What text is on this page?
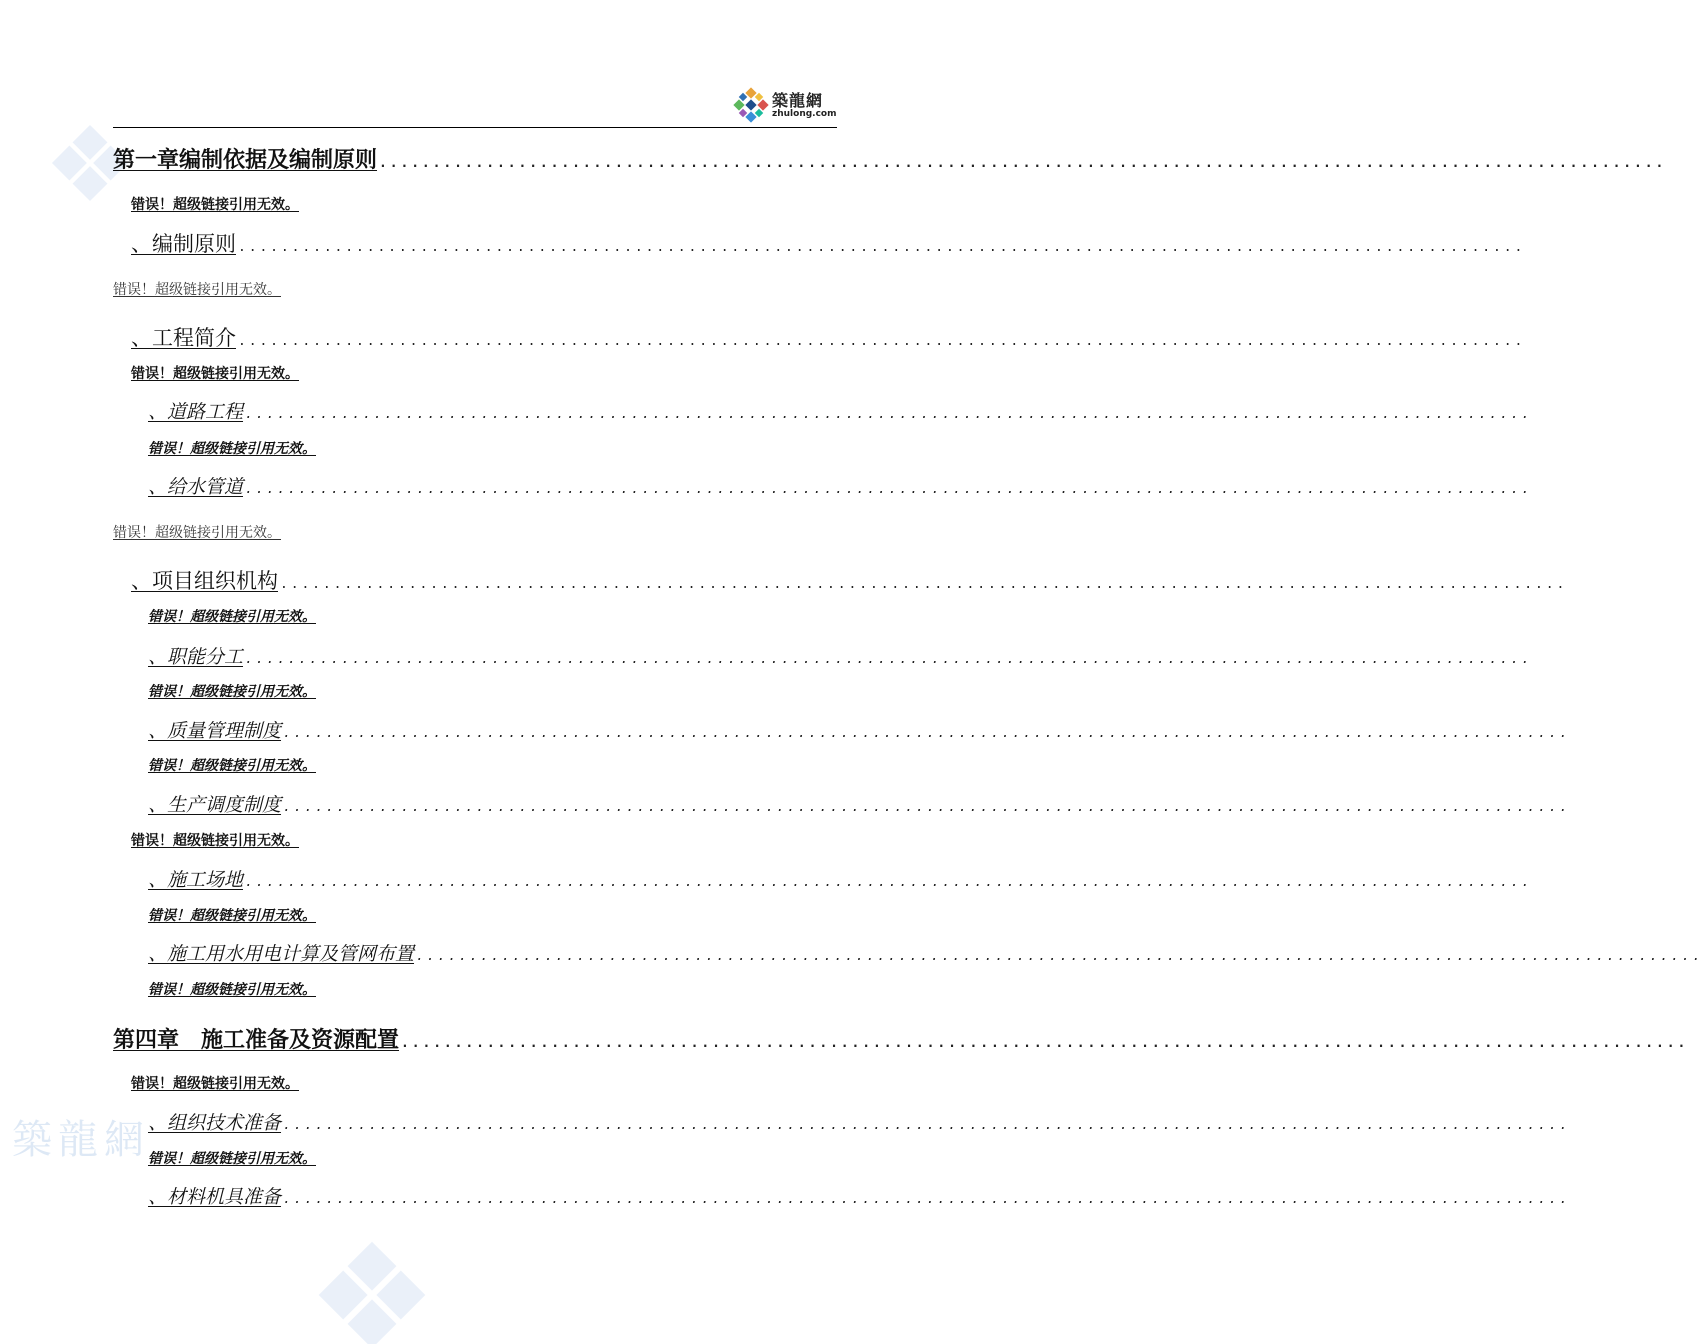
築龍網
zhulong.com
築龍網
第一章编制依据及编制原则 ........................................................................................................................
错误！超级链接引用无效。
、编制原则 ........................................................................................................................
错误！超级链接引用无效。
、工程简介 ........................................................................................................................
错误！超级链接引用无效。
、道路工程 ........................................................................................................................
错误！超级链接引用无效。
、给水管道 ........................................................................................................................
错误！超级链接引用无效。
、项目组织机构 ........................................................................................................................
错误！超级链接引用无效。
、职能分工 ........................................................................................................................
错误！超级链接引用无效。
、质量管理制度 ........................................................................................................................
错误！超级链接引用无效。
、生产调度制度 ........................................................................................................................
错误！超级链接引用无效。
、施工场地 ........................................................................................................................
错误！超级链接引用无效。
、施工用水用电计算及管网布置 ........................................................................................................................
错误！超级链接引用无效。
第四章　施工准备及资源配置 ........................................................................................................................
错误！超级链接引用无效。
、组织技术准备 ........................................................................................................................
错误！超级链接引用无效。
、材料机具准备 ........................................................................................................................
